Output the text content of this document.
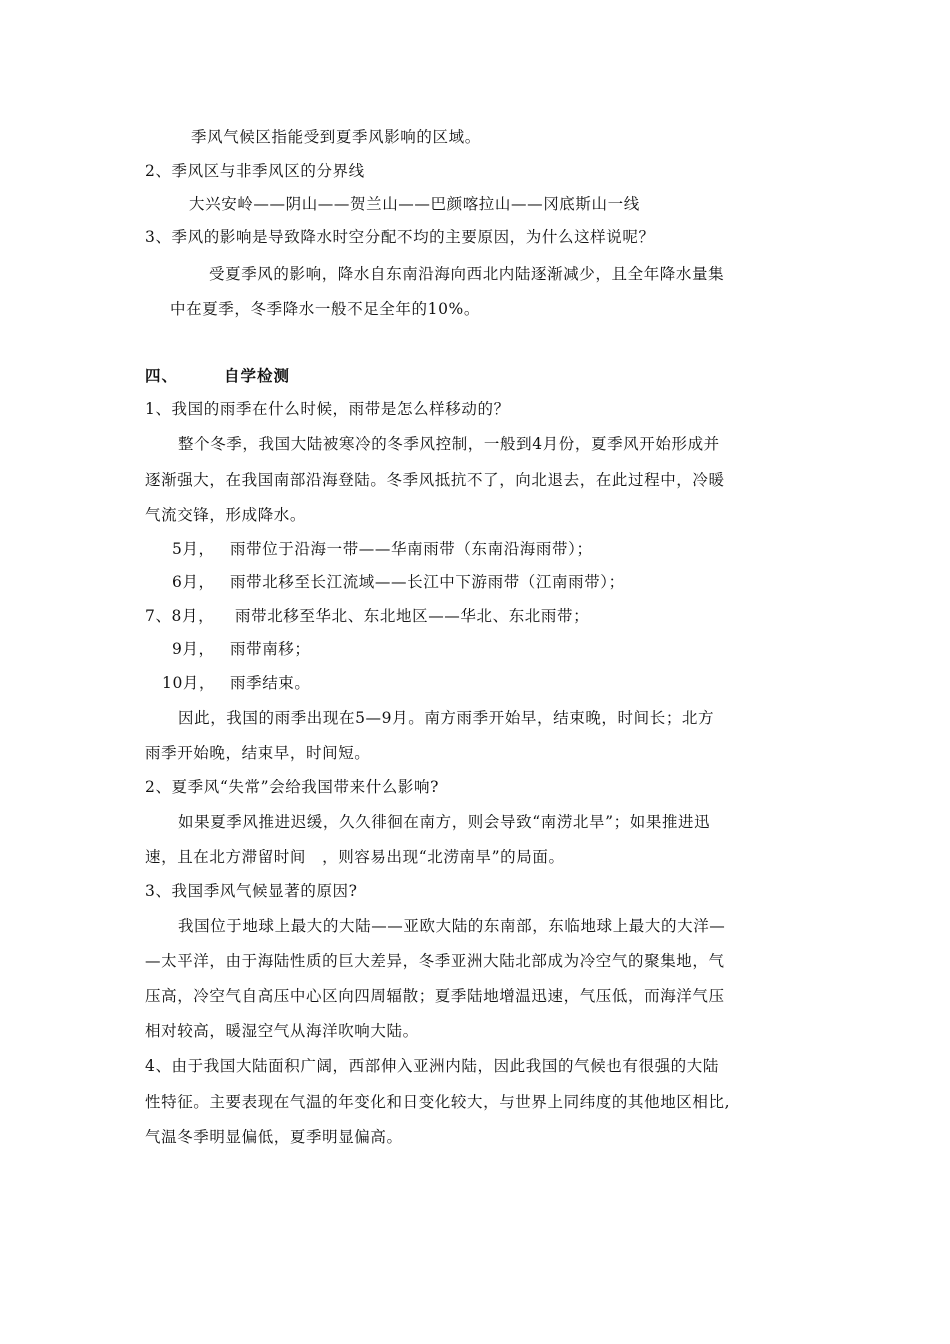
季风气候区指能受到夏季风影响的区域。
2、季风区与非季风区的分界线
大兴安岭——阴山——贺兰山——巴颜喀拉山——冈底斯山一线
3、季风的影响是导致降水时空分配不均的主要原因，为什么这样说呢？
受夏季风的影响，降水自东南沿海向西北内陆逐渐减少，且全年降水量集
中在夏季，冬季降水一般不足全年的10%。
四、	自学检测
1、我国的雨季在什么时候，雨带是怎么样移动的？
整个冬季，我国大陆被寒冷的冬季风控制，一般到4月份，夏季风开始形成并
逐渐强大，在我国南部沿海登陆。冬季风抵抗不了，向北退去，在此过程中，冷暖
气流交锋，形成降水。
5月， 雨带位于沿海一带——华南雨带（东南沿海雨带）；
6月， 雨带北移至长江流域——长江中下游雨带（江南雨带）；
7、8月， 雨带北移至华北、东北地区——华北、东北雨带；
9月， 雨带南移；
10月， 雨季结束。
因此，我国的雨季出现在5—9月。南方雨季开始早，结束晚，时间长；北方
雨季开始晚，结束早，时间短。
2、夏季风“失常”会给我国带来什么影响?
如果夏季风推进迟缓，久久徘徊在南方，则会导致“南涝北旱”；如果推进迅
速，且在北方滞留时间　，则容易出现“北涝南旱”的局面。
3、我国季风气候显著的原因?
我国位于地球上最大的大陆——亚欧大陆的东南部，东临地球上最大的大洋—
—太平洋，由于海陆性质的巨大差异，冬季亚洲大陆北部成为冷空气的聚集地，气
压高，冷空气自高压中心区向四周辐散；夏季陆地增温迅速，气压低，而海洋气压
相对较高，暖湿空气从海洋吹响大陆。
4、由于我国大陆面积广阔，西部伸入亚洲内陆，因此我国的气候也有很强的大陆
性特征。主要表现在气温的年变化和日变化较大，与世界上同纬度的其他地区相比,
气温冬季明显偏低，夏季明显偏高。
